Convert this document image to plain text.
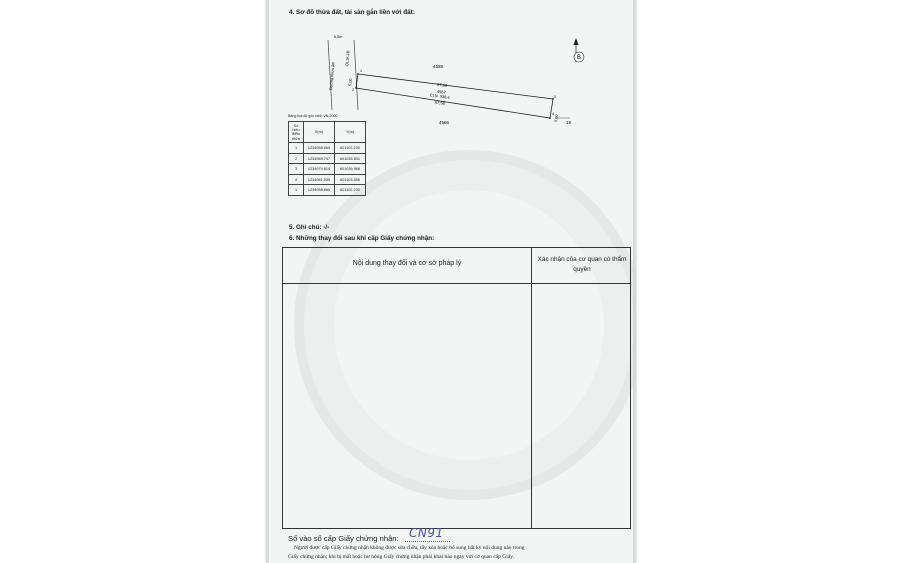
4. Sơ đồ thửa đất, tài sản gắn liền với đất:
B
4588
4566	19
67,60
4567
CLN 338,4
67,58
5,00
5,00
6,5m
Đường nhựa ẩm
QL1K,1B
1
2
3
4
Bảng tọa độ góc ranh VN-2000
Số hiệu điểm thửa	X(m)	Y(m)
1	1234958.660	601102.230
2	1234969.747	601035.831
3	1234974.619	601036.968
4	1234961.535	601103.355
1	1234958.660	601102.230
5. Ghi chú: -/-
6. Những thay đổi sau khi cấp Giấy chứng nhận:
Nội dung thay đổi và cơ sở pháp lý
Xác nhận của cơ quan có thẩm quyền
Số vào sổ cấp Giấy chứng nhận: CN91
Người được cấp Giấy chứng nhận không được sửa chữa, tẩy xóa hoặc bổ sung bất kỳ nội dung nào trong
Giấy chứng nhận; khi bị mất hoặc hư hỏng Giấy chứng nhận phải khai báo ngay với cơ quan cấp Giấy.
